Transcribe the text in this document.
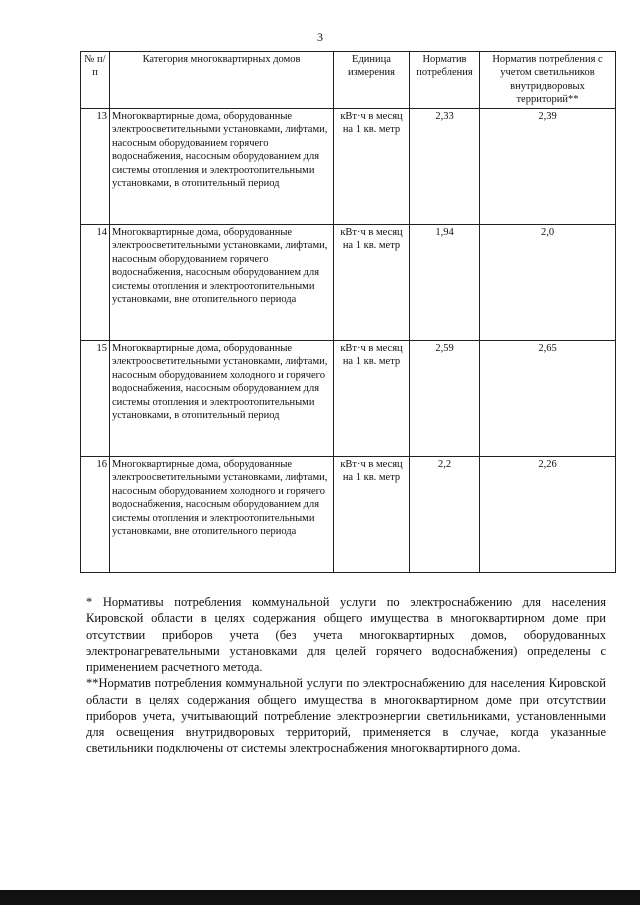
3
№ п/п	Категория многоквартирных домов	Единица измерения	Норматив потребления	Норматив потребления с учетом светильников внутридворовых территорий**
13	Многоквартирные дома, оборудованные электроосветительными установками, лифтами, насосным оборудованием горячего водоснабжения, насосным оборудованием для системы отопления и электроотопительными установками, в отопительный период	кВт·ч в месяц на 1 кв. метр	2,33	2,39
14	Многоквартирные дома, оборудованные электроосветительными установками, лифтами, насосным оборудованием горячего водоснабжения, насосным оборудованием для системы отопления и электроотопительными установками, вне отопительного периода	кВт·ч в месяц на 1 кв. метр	1,94	2,0
15	Многоквартирные дома, оборудованные электроосветительными установками, лифтами, насосным оборудованием холодного и горячего водоснабжения, насосным оборудованием для системы отопления и электроотопительными установками, в отопительный период	кВт·ч в месяц на 1 кв. метр	2,59	2,65
16	Многоквартирные дома, оборудованные электроосветительными установками, лифтами, насосным оборудованием холодного и горячего водоснабжения, насосным оборудованием для системы отопления и электроотопительными установками, вне отопительного периода	кВт·ч в месяц на 1 кв. метр	2,2	2,26

* Нормативы потребления коммунальной услуги по электроснабжению для населения Кировской области в целях содержания общего имущества в многоквартирном доме при отсутствии приборов учета (без учета многоквартирных домов, оборудованных электронагревательными установками для целей горячего водоснабжения) определены с применением расчетного метода.

**Норматив потребления коммунальной услуги по электроснабжению для населения Кировской области в целях содержания общего имущества в многоквартирном доме при отсутствии приборов учета, учитывающий потребление электроэнергии светильниками, установленными для освещения внутридворовых территорий, применяется в случае, когда указанные светильники подключены от системы электроснабжения многоквартирного дома.
